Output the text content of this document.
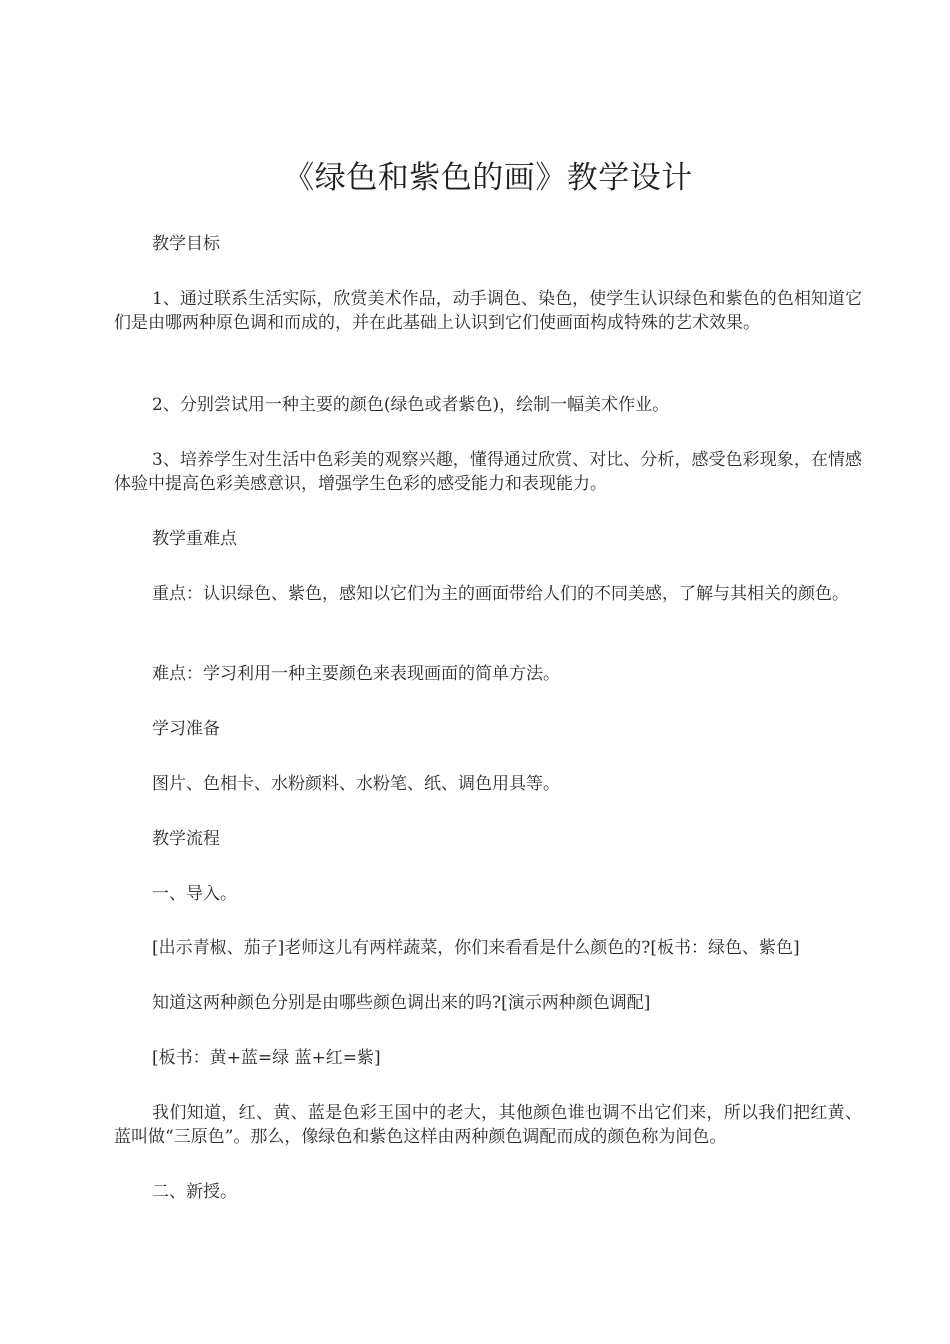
《绿色和紫色的画》教学设计

教学目标

1、通过联系生活实际，欣赏美术作品，动手调色、染色，使学生认识绿色和紫色的色相知道它们是由哪两种原色调和而成的，并在此基础上认识到它们使画面构成特殊的艺术效果。

2、分别尝试用一种主要的颜色(绿色或者紫色)，绘制一幅美术作业。

3、培养学生对生活中色彩美的观察兴趣，懂得通过欣赏、对比、分析，感受色彩现象，在情感体验中提高色彩美感意识，增强学生色彩的感受能力和表现能力。

教学重难点

重点：认识绿色、紫色，感知以它们为主的画面带给人们的不同美感，了解与其相关的颜色。

难点：学习利用一种主要颜色来表现画面的简单方法。

学习准备

图片、色相卡、水粉颜料、水粉笔、纸、调色用具等。

教学流程

一、导入。

[出示青椒、茄子]老师这儿有两样蔬菜，你们来看看是什么颜色的?[板书：绿色、紫色]

知道这两种颜色分别是由哪些颜色调出来的吗?[演示两种颜色调配]

[板书：黄+蓝=绿 蓝+红=紫]

我们知道，红、黄、蓝是色彩王国中的老大，其他颜色谁也调不出它们来，所以我们把红黄、蓝叫做“三原色”。那么，像绿色和紫色这样由两种颜色调配而成的颜色称为间色。

二、新授。
